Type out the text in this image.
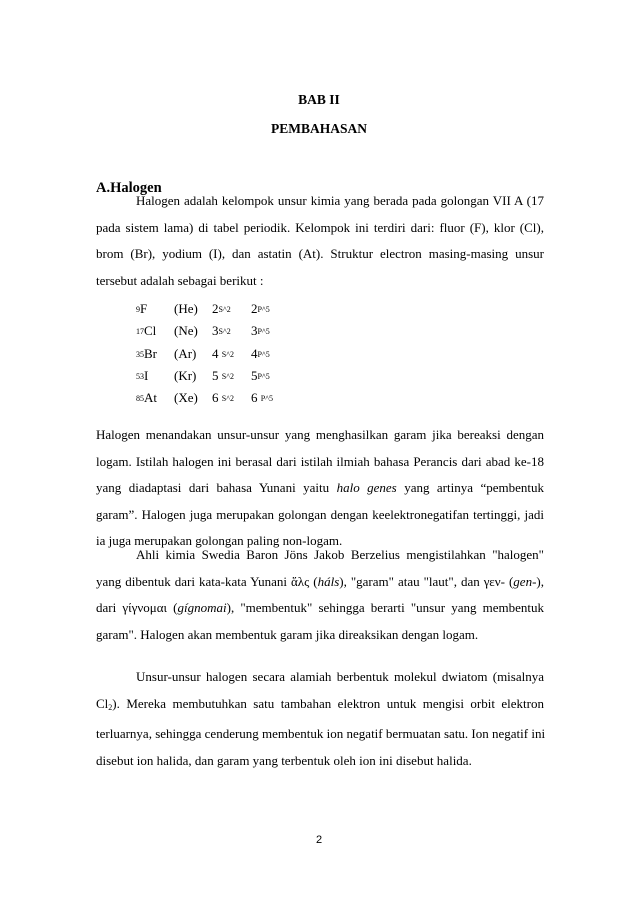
BAB II
PEMBAHASAN
A.Halogen
Halogen adalah kelompok unsur kimia yang berada pada golongan VII A (17
pada sistem lama) di tabel periodik. Kelompok ini terdiri dari: fluor (F), klor (Cl),
brom (Br), yodium (I), dan astatin (At). Struktur electron masing-masing unsur
tersebut adalah sebagai berikut :
9F (He) 2S^2 2P^5
17Cl (Ne) 3S^2 3P^5
35Br (Ar) 4 S^2 4P^5
53I (Kr) 5 S^2 5P^5
85At (Xe) 6 S^2 6 P^5
Halogen menandakan unsur-unsur yang menghasilkan garam jika bereaksi dengan
logam. Istilah halogen ini berasal dari istilah ilmiah bahasa Perancis dari abad ke-18
yang diadaptasi dari bahasa Yunani yaitu halo genes yang artinya “pembentuk
garam”. Halogen juga merupakan golongan dengan keelektronegatifan tertinggi, jadi
ia juga merupakan golongan paling non-logam.
Ahli kimia Swedia Baron Jöns Jakob Berzelius mengistilahkan "halogen"
yang dibentuk dari kata-kata Yunani ἅλς (háls), "garam" atau "laut", dan γεν- (gen-),
dari γίγνομαι (gígnomai), "membentuk" sehingga berarti "unsur yang membentuk
garam". Halogen akan membentuk garam jika direaksikan dengan logam.
Unsur-unsur halogen secara alamiah berbentuk molekul dwiatom (misalnya
$Cl_2$). Mereka membutuhkan satu tambahan elektron untuk mengisi orbit elektron
terluarnya, sehingga cenderung membentuk ion negatif bermuatan satu. Ion negatif ini
disebut ion halida, dan garam yang terbentuk oleh ion ini disebut halida.
2
